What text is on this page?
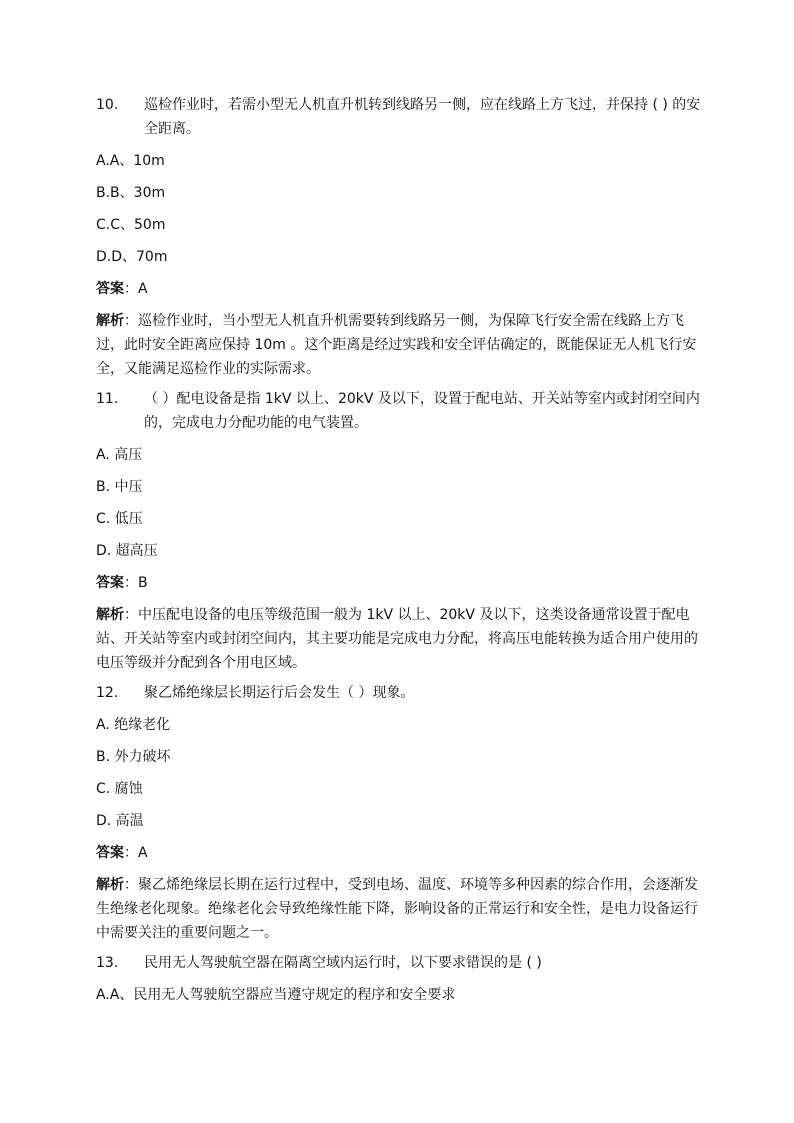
10.	巡检作业时，若需小型无人机直升机转到线路另一侧，应在线路上方飞过，并保持 ( ) 的安全距离。
A.A、10m
B.B、30m
C.C、50m
D.D、70m
答案：A
解析：巡检作业时，当小型无人机直升机需要转到线路另一侧，为保障飞行安全需在线路上方飞过，此时安全距离应保持 10m 。这个距离是经过实践和安全评估确定的，既能保证无人机飞行安全，又能满足巡检作业的实际需求。
11.	（ ）配电设备是指 1kV 以上、20kV 及以下，设置于配电站、开关站等室内或封闭空间内的，完成电力分配功能的电气装置。
A. 高压
B. 中压
C. 低压
D. 超高压
答案：B
解析：中压配电设备的电压等级范围一般为 1kV 以上、20kV 及以下，这类设备通常设置于配电站、开关站等室内或封闭空间内，其主要功能是完成电力分配，将高压电能转换为适合用户使用的电压等级并分配到各个用电区域。
12.	聚乙烯绝缘层长期运行后会发生（ ）现象。
A. 绝缘老化
B. 外力破坏
C. 腐蚀
D. 高温
答案：A
解析：聚乙烯绝缘层长期在运行过程中，受到电场、温度、环境等多种因素的综合作用，会逐渐发生绝缘老化现象。绝缘老化会导致绝缘性能下降，影响设备的正常运行和安全性，是电力设备运行中需要关注的重要问题之一。
13.	民用无人驾驶航空器在隔离空域内运行时，以下要求错误的是 ( )
A.A、民用无人驾驶航空器应当遵守规定的程序和安全要求
